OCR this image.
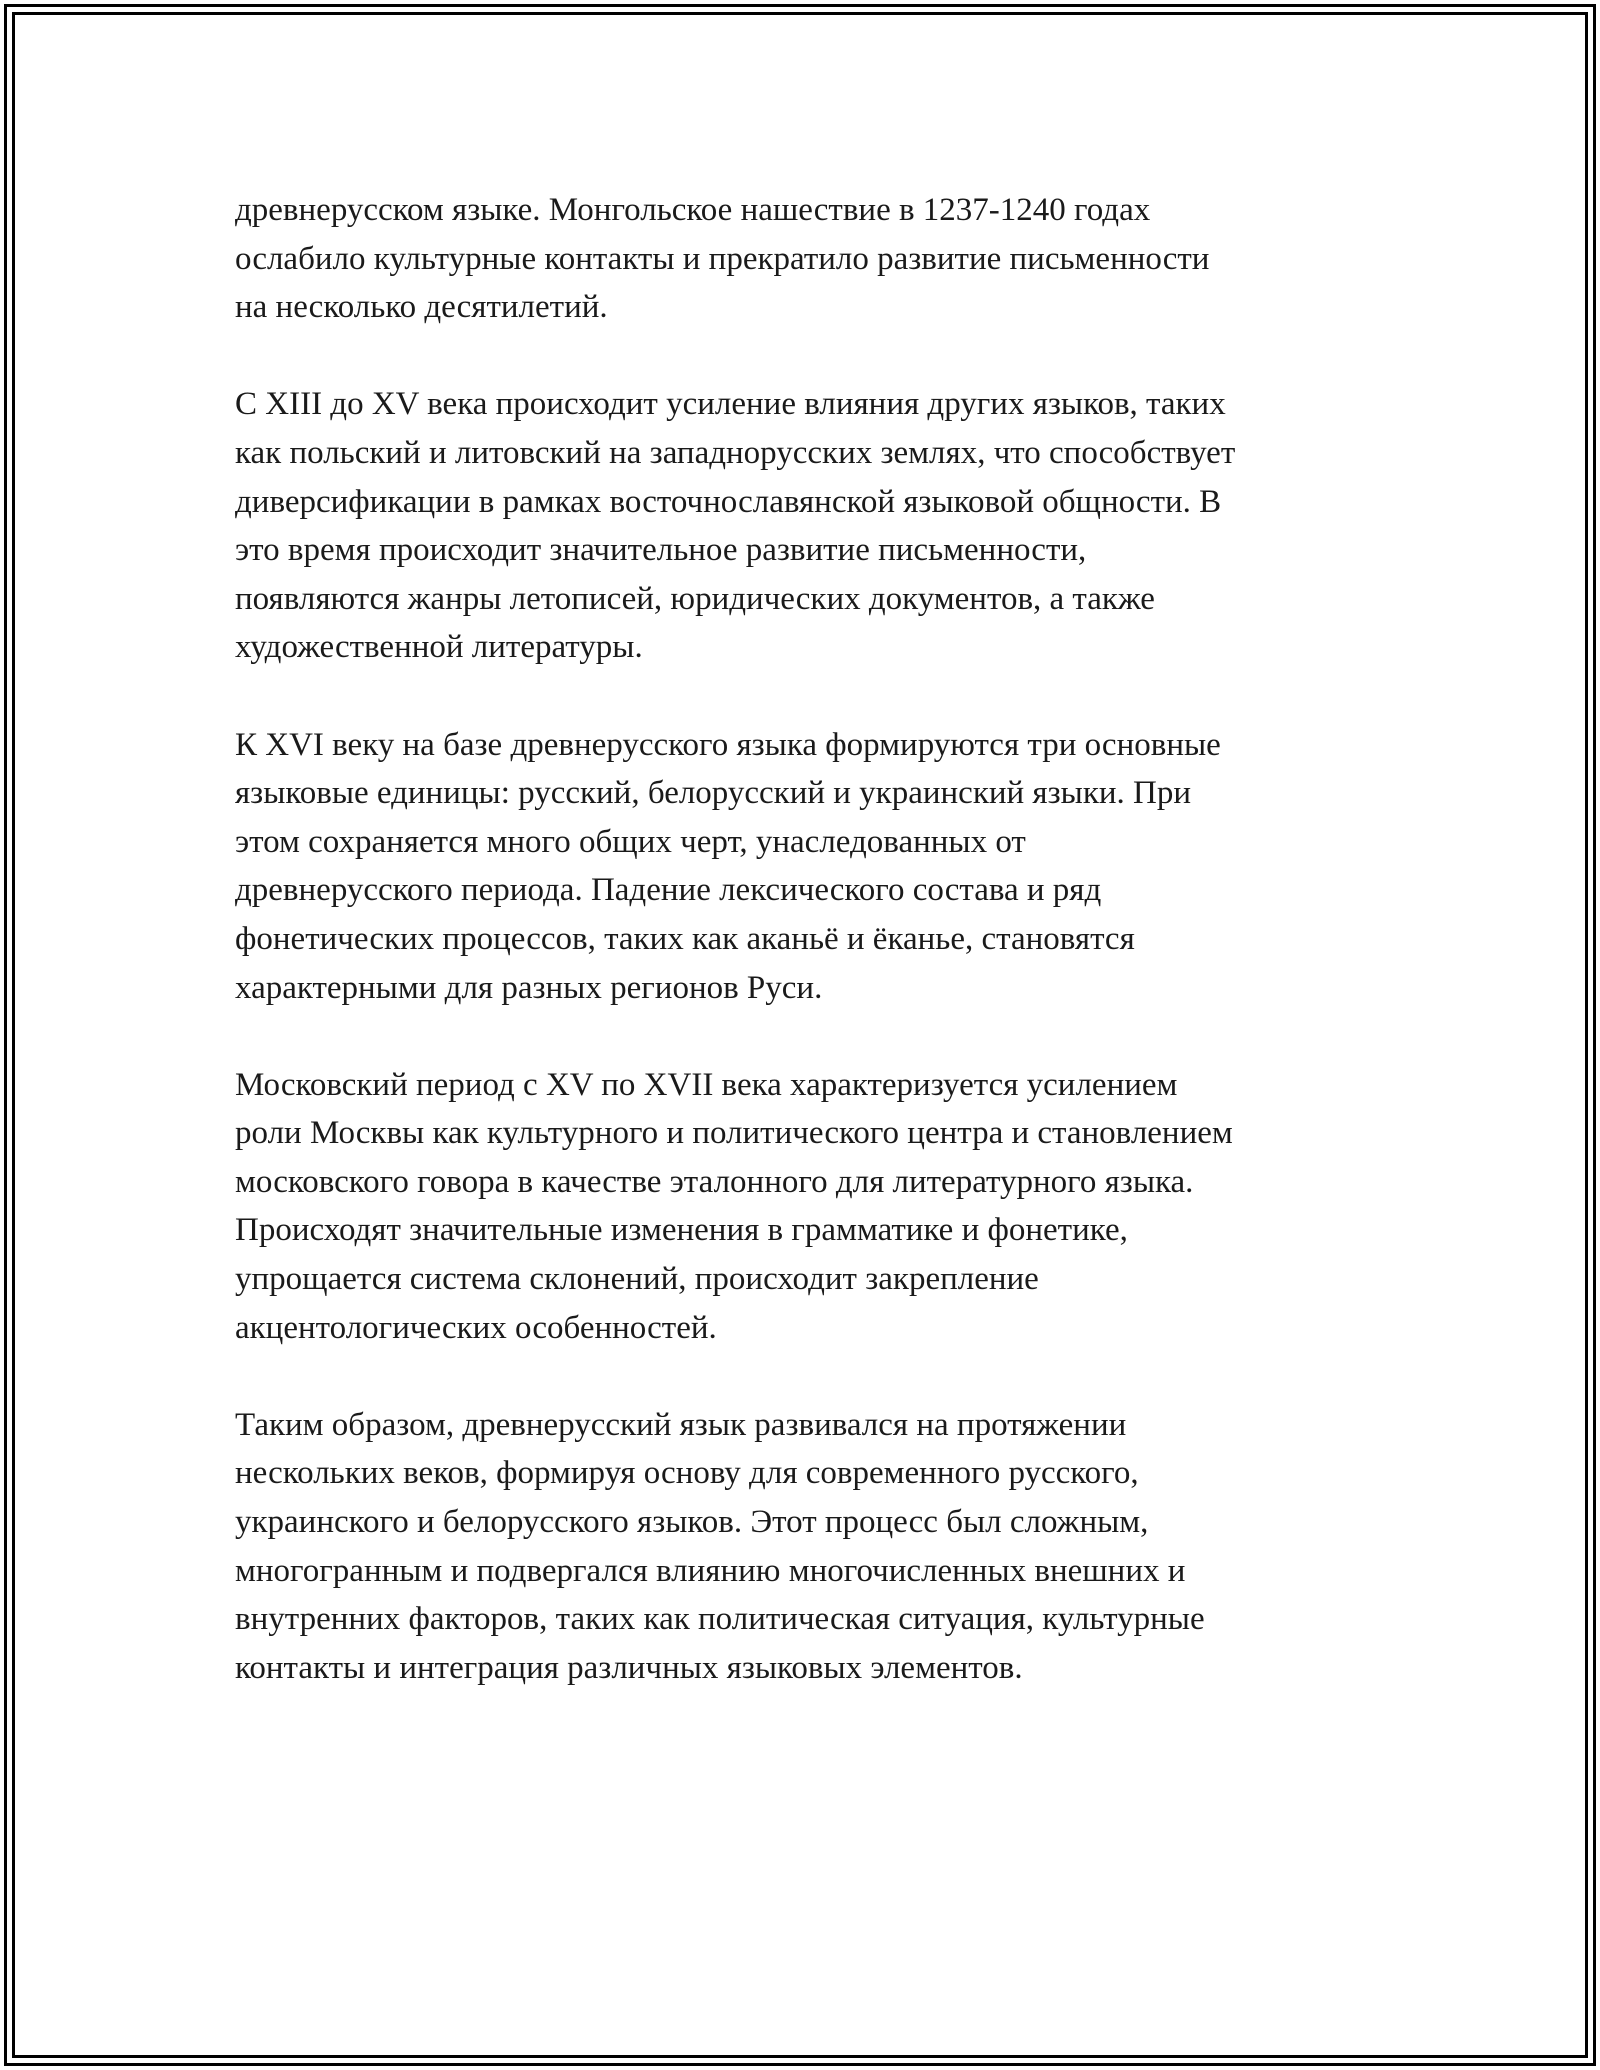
древнерусском языке. Монгольское нашествие в 1237-1240 годах
ослабило культурные контакты и прекратило развитие письменности
на несколько десятилетий.
С XIII до XV века происходит усиление влияния других языков, таких
как польский и литовский на западнорусских землях, что способствует
диверсификации в рамках восточнославянской языковой общности. В
это время происходит значительное развитие письменности,
появляются жанры летописей, юридических документов, а также
художественной литературы.
К XVI веку на базе древнерусского языка формируются три основные
языковые единицы: русский, белорусский и украинский языки. При
этом сохраняется много общих черт, унаследованных от
древнерусского периода. Падение лексического состава и ряд
фонетических процессов, таких как аканьё и ёканье, становятся
характерными для разных регионов Руси.
Московский период с XV по XVII века характеризуется усилением
роли Москвы как культурного и политического центра и становлением
московского говора в качестве эталонного для литературного языка.
Происходят значительные изменения в грамматике и фонетике,
упрощается система склонений, происходит закрепление
акцентологических особенностей.
Таким образом, древнерусский язык развивался на протяжении
нескольких веков, формируя основу для современного русского,
украинского и белорусского языков. Этот процесс был сложным,
многогранным и подвергался влиянию многочисленных внешних и
внутренних факторов, таких как политическая ситуация, культурные
контакты и интеграция различных языковых элементов.
